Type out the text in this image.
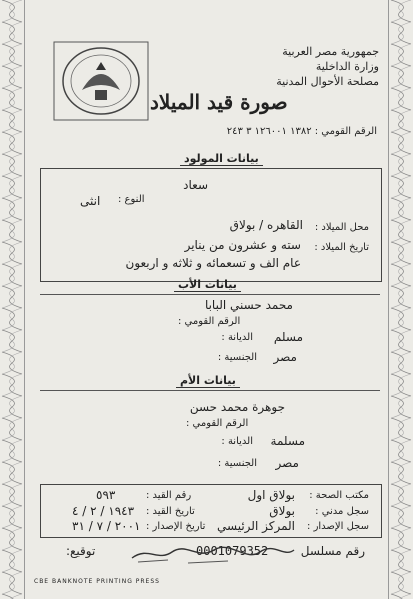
جمهورية مصر العربية
وزارة الداخلية
مصلحة الأحوال المدنية
صورة قيد الميلاد
الرقم القومي : ١٣٨٢ ١٢٦٠٠١ ٣ ٢٤٣
بيانات المولود
سعاد
النوع :
انثى
محل الميلاد :
القاهره / بولاق
تاريخ الميلاد :
سته و عشرون من يناير
عام الف و تسعمائه و ثلاثه و اربعون
بيانات الأب
محمد حسني البابا
الرقم القومي :
الديانة : مسلم
الجنسية : مصر
بيانات الأم
جوهرة محمد حسن
الرقم القومي :
الديانة : مسلمة
الجنسية : مصر
مكتب الصحة :
بولاق اول
سجل مدني :
بولاق
سجل الإصدار :
المركز الرئيسي
رقم القيد :
٥٩٣
تاريخ القيد :
١٩٤٣ / ٢ / ٤
تاريخ الإصدار :
٢٠٠١ / ٧ / ٣١
رقم مسلسل
0001079352
توقيع:
CBE BANKNOTE PRINTING PRESS
